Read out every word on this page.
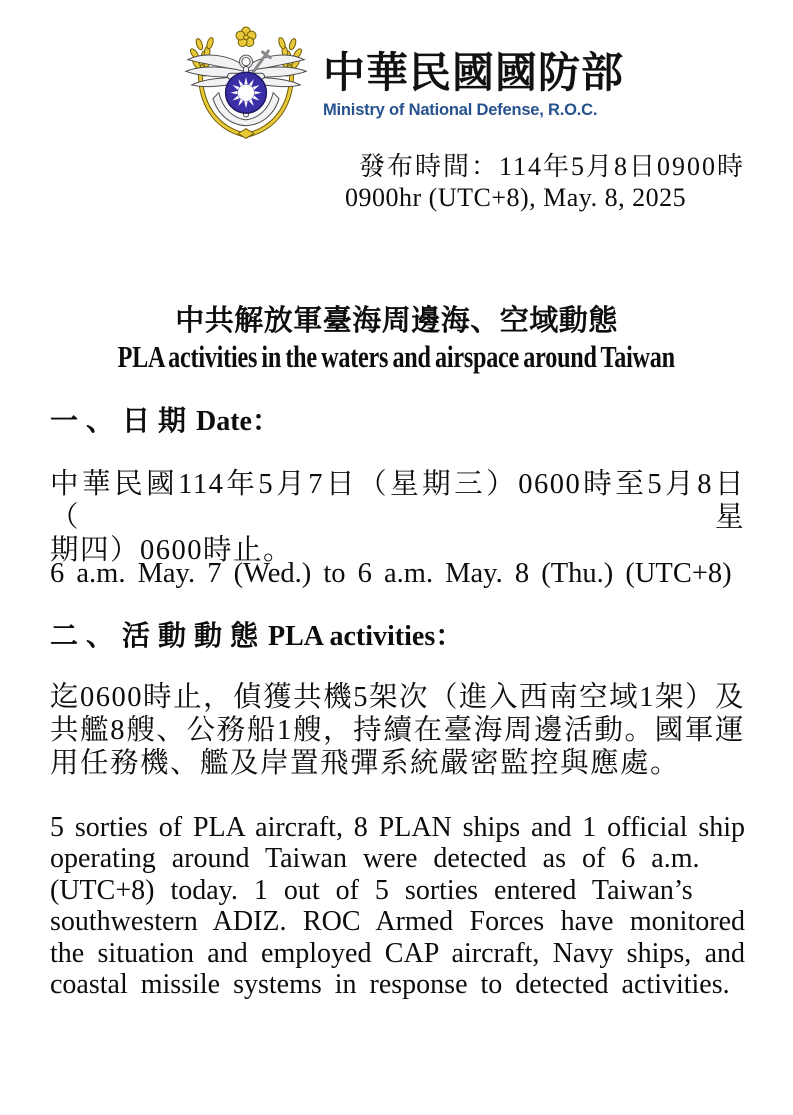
中華民國國防部
Ministry of National Defense, R.O.C.
發布時間：114年5月8日0900時
0900hr (UTC+8), May. 8, 2025
中共解放軍臺海周邊海、空域動態
PLA activities in the waters and airspace around Taiwan
一、日期Date：
中華民國114年5月7日（星期三）0600時至5月8日（星
期四）0600時止。
6 a.m. May. 7 (Wed.) to 6 a.m. May. 8 (Thu.) (UTC+8)
二、活動動態PLA activities：
迄0600時止，偵獲共機5架次（進入西南空域1架）及
共艦8艘、公務船1艘，持續在臺海周邊活動。國軍運
用任務機、艦及岸置飛彈系統嚴密監控與應處。
5 sorties of PLA aircraft, 8 PLAN ships and 1 official ship
operating around Taiwan were detected as of 6 a.m.
(UTC+8) today. 1 out of 5 sorties entered Taiwan’s
southwestern ADIZ. ROC Armed Forces have monitored
the situation and employed CAP aircraft, Navy ships, and
coastal missile systems in response to detected activities.
